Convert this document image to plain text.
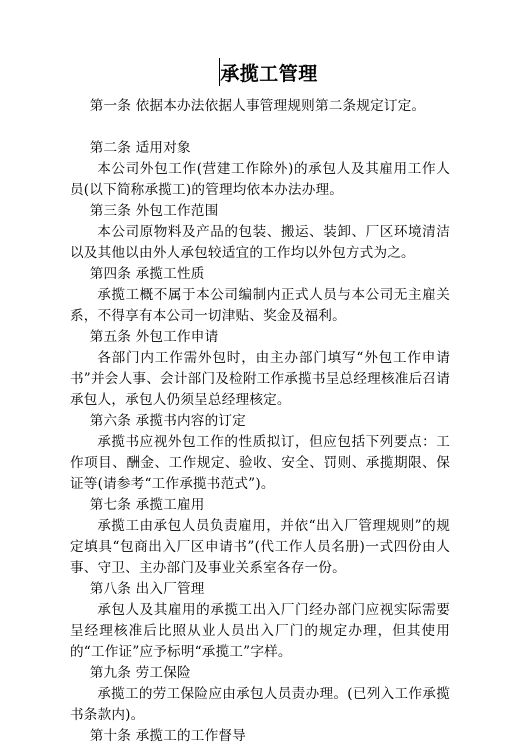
承揽工管理

第一条 依据本办法依据人事管理规则第二条规定订定。

第二条 适用对象

本公司外包工作(营建工作除外)的承包人及其雇用工作人员(以下简称承揽工)的管理均依本办法办理。

第三条 外包工作范围

本公司原物料及产品的包装、搬运、装卸、厂区环境清洁以及其他以由外人承包较适宜的工作均以外包方式为之。

第四条 承揽工性质

承揽工概不属于本公司编制内正式人员与本公司无主雇关系，不得享有本公司一切津贴、奖金及福利。

第五条 外包工作申请

各部门内工作需外包时，由主办部门填写“外包工作申请书”并会人事、会计部门及检附工作承揽书呈总经理核准后召请承包人，承包人仍须呈总经理核定。

第六条 承揽书内容的订定

承揽书应视外包工作的性质拟订，但应包括下列要点：工作项目、酬金、工作规定、验收、安全、罚则、承揽期限、保证等(请参考“工作承揽书范式”)。

第七条 承揽工雇用

承揽工由承包人员负责雇用，并依“出入厂管理规则”的规定填具“包商出入厂区申请书”(代工作人员名册)一式四份由人事、守卫、主办部门及事业关系室各存一份。

第八条 出入厂管理

承包人及其雇用的承揽工出入厂门经办部门应视实际需要呈经理核准后比照从业人员出入厂门的规定办理，但其使用的“工作证”应予标明“承揽工”字样。

第九条 劳工保险

承揽工的劳工保险应由承包人员责办理。(已列入工作承揽书条款内)。

第十条 承揽工的工作督导
